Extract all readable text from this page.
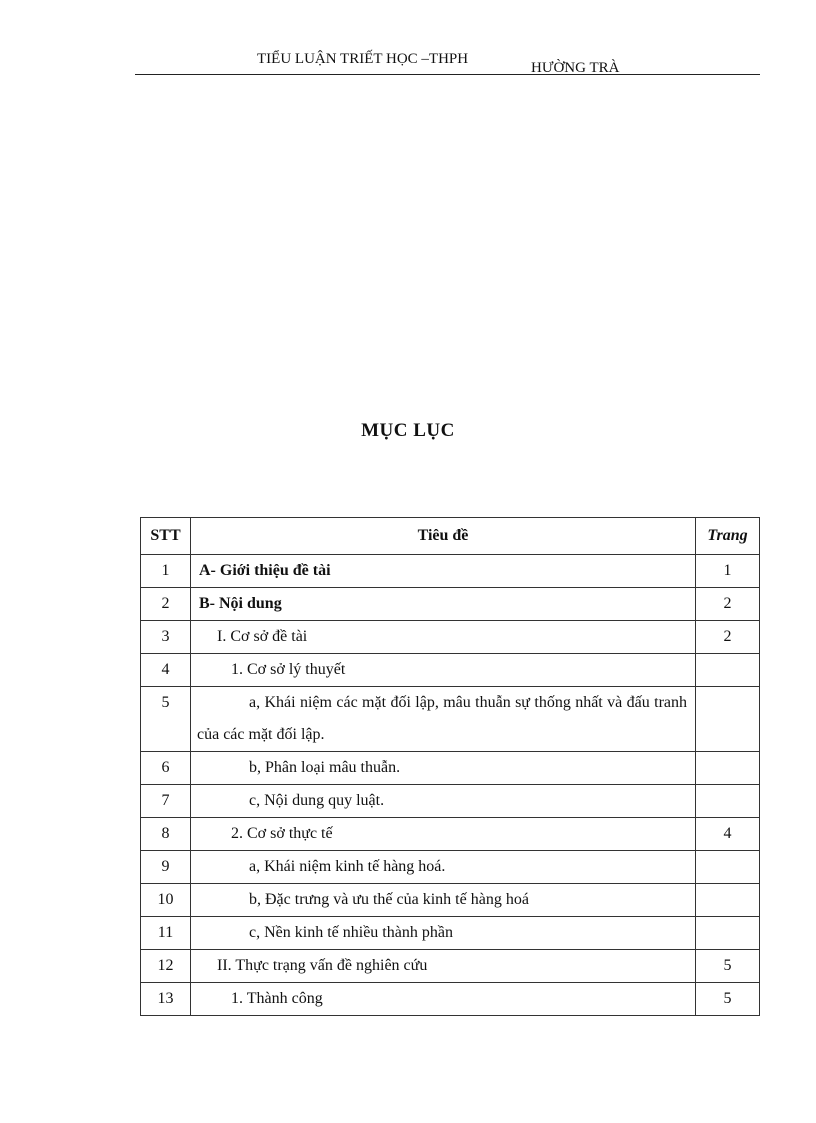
TIỂU LUẬN TRIẾT HỌC –THPH
HƯỜNG TRÀ
MỤC LỤC
STT	Tiêu đề	Trang
1	A- Giới thiệu đề tài	1
2	B- Nội dung	2
3	I. Cơ sở đề tài	2
4	1. Cơ sở lý thuyết	
5	a, Khái niệm các mặt đối lập, mâu thuẫn sự thống nhất và đấu tranh của các mặt đối lập.	
6	b, Phân loại mâu thuẫn.	
7	c, Nội dung quy luật.	
8	2. Cơ sở thực tế	4
9	a, Khái niệm kinh tế hàng hoá.	
10	b, Đặc trưng và ưu thế của kinh tế hàng hoá	
11	c, Nền kinh tế nhiều thành phần	
12	II. Thực trạng vấn đề nghiên cứu	5
13	1. Thành công	5
